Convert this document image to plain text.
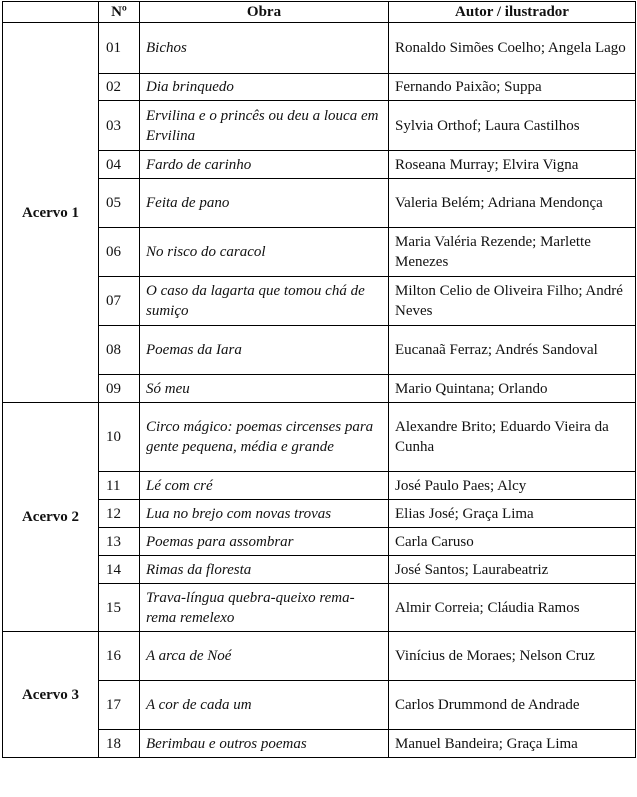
	Nº	Obra	Autor / ilustrador
Acervo 1	01	Bichos	Ronaldo Simões Coelho; Angela Lago
	02	Dia brinquedo	Fernando Paixão; Suppa
	03	Ervilina e o princês ou deu a louca em Ervilina	Sylvia Orthof; Laura Castilhos
	04	Fardo de carinho	Roseana Murray; Elvira Vigna
	05	Feita de pano	Valeria Belém; Adriana Mendonça
	06	No risco do caracol	Maria Valéria Rezende; Marlette Menezes
	07	O caso da lagarta que tomou chá de sumiço	Milton Celio de Oliveira Filho; André Neves
	08	Poemas da Iara	Eucanaã Ferraz; Andrés Sandoval
	09	Só meu	Mario Quintana; Orlando
Acervo 2	10	Circo mágico: poemas circenses para gente pequena, média e grande	Alexandre Brito; Eduardo Vieira da Cunha
	11	Lé com cré	José Paulo Paes; Alcy
	12	Lua no brejo com novas trovas	Elias José; Graça Lima
	13	Poemas para assombrar	Carla Caruso
	14	Rimas da floresta	José Santos; Laurabeatriz
	15	Trava-língua quebra-queixo rema-rema remelexo	Almir Correia; Cláudia Ramos
Acervo 3	16	A arca de Noé	Vinícius de Moraes; Nelson Cruz
	17	A cor de cada um	Carlos Drummond de Andrade
	18	Berimbau e outros poemas	Manuel Bandeira; Graça Lima
